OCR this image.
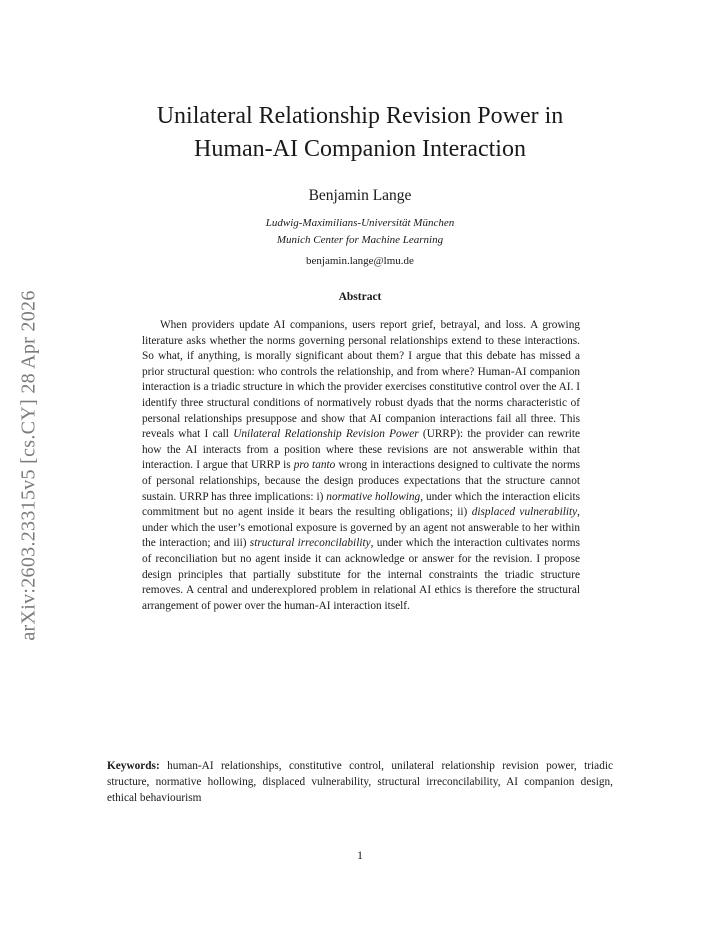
arXiv:2603.23315v5 [cs.CY] 28 Apr 2026
Unilateral Relationship Revision Power in
Human-AI Companion Interaction
Benjamin Lange
Ludwig-Maximilians-Universität München
Munich Center for Machine Learning
benjamin.lange@lmu.de
Abstract

When providers update AI companions, users report grief, betrayal, and loss. A growing literature asks whether the norms governing personal relationships extend to these interactions. So what, if anything, is morally significant about them? I argue that this debate has missed a prior structural question: who controls the relationship, and from where? Human-AI companion interaction is a triadic structure in which the provider exercises constitutive control over the AI. I identify three structural conditions of normatively robust dyads that the norms characteristic of personal relationships presuppose and show that AI companion interactions fail all three. This reveals what I call Unilateral Relationship Revision Power (URRP): the provider can rewrite how the AI interacts from a position where these revisions are not answerable within that interaction. I argue that URRP is pro tanto wrong in interactions designed to cultivate the norms of personal relationships, because the design produces expectations that the structure cannot sustain. URRP has three implications: i) normative hollowing, under which the interaction elicits commitment but no agent inside it bears the resulting obligations; ii) displaced vulnerability, under which the user’s emotional exposure is governed by an agent not answerable to her within the interaction; and iii) structural irreconcilability, under which the interaction cultivates norms of reconciliation but no agent inside it can acknowledge or answer for the revision. I propose design principles that partially substitute for the internal constraints the triadic structure removes. A central and underexplored problem in relational AI ethics is therefore the structural arrangement of power over the human-AI interaction itself.

Keywords: human-AI relationships, constitutive control, unilateral relationship revision power, triadic structure, normative hollowing, displaced vulnerability, structural irreconcilability, AI companion design, ethical behaviourism

1
